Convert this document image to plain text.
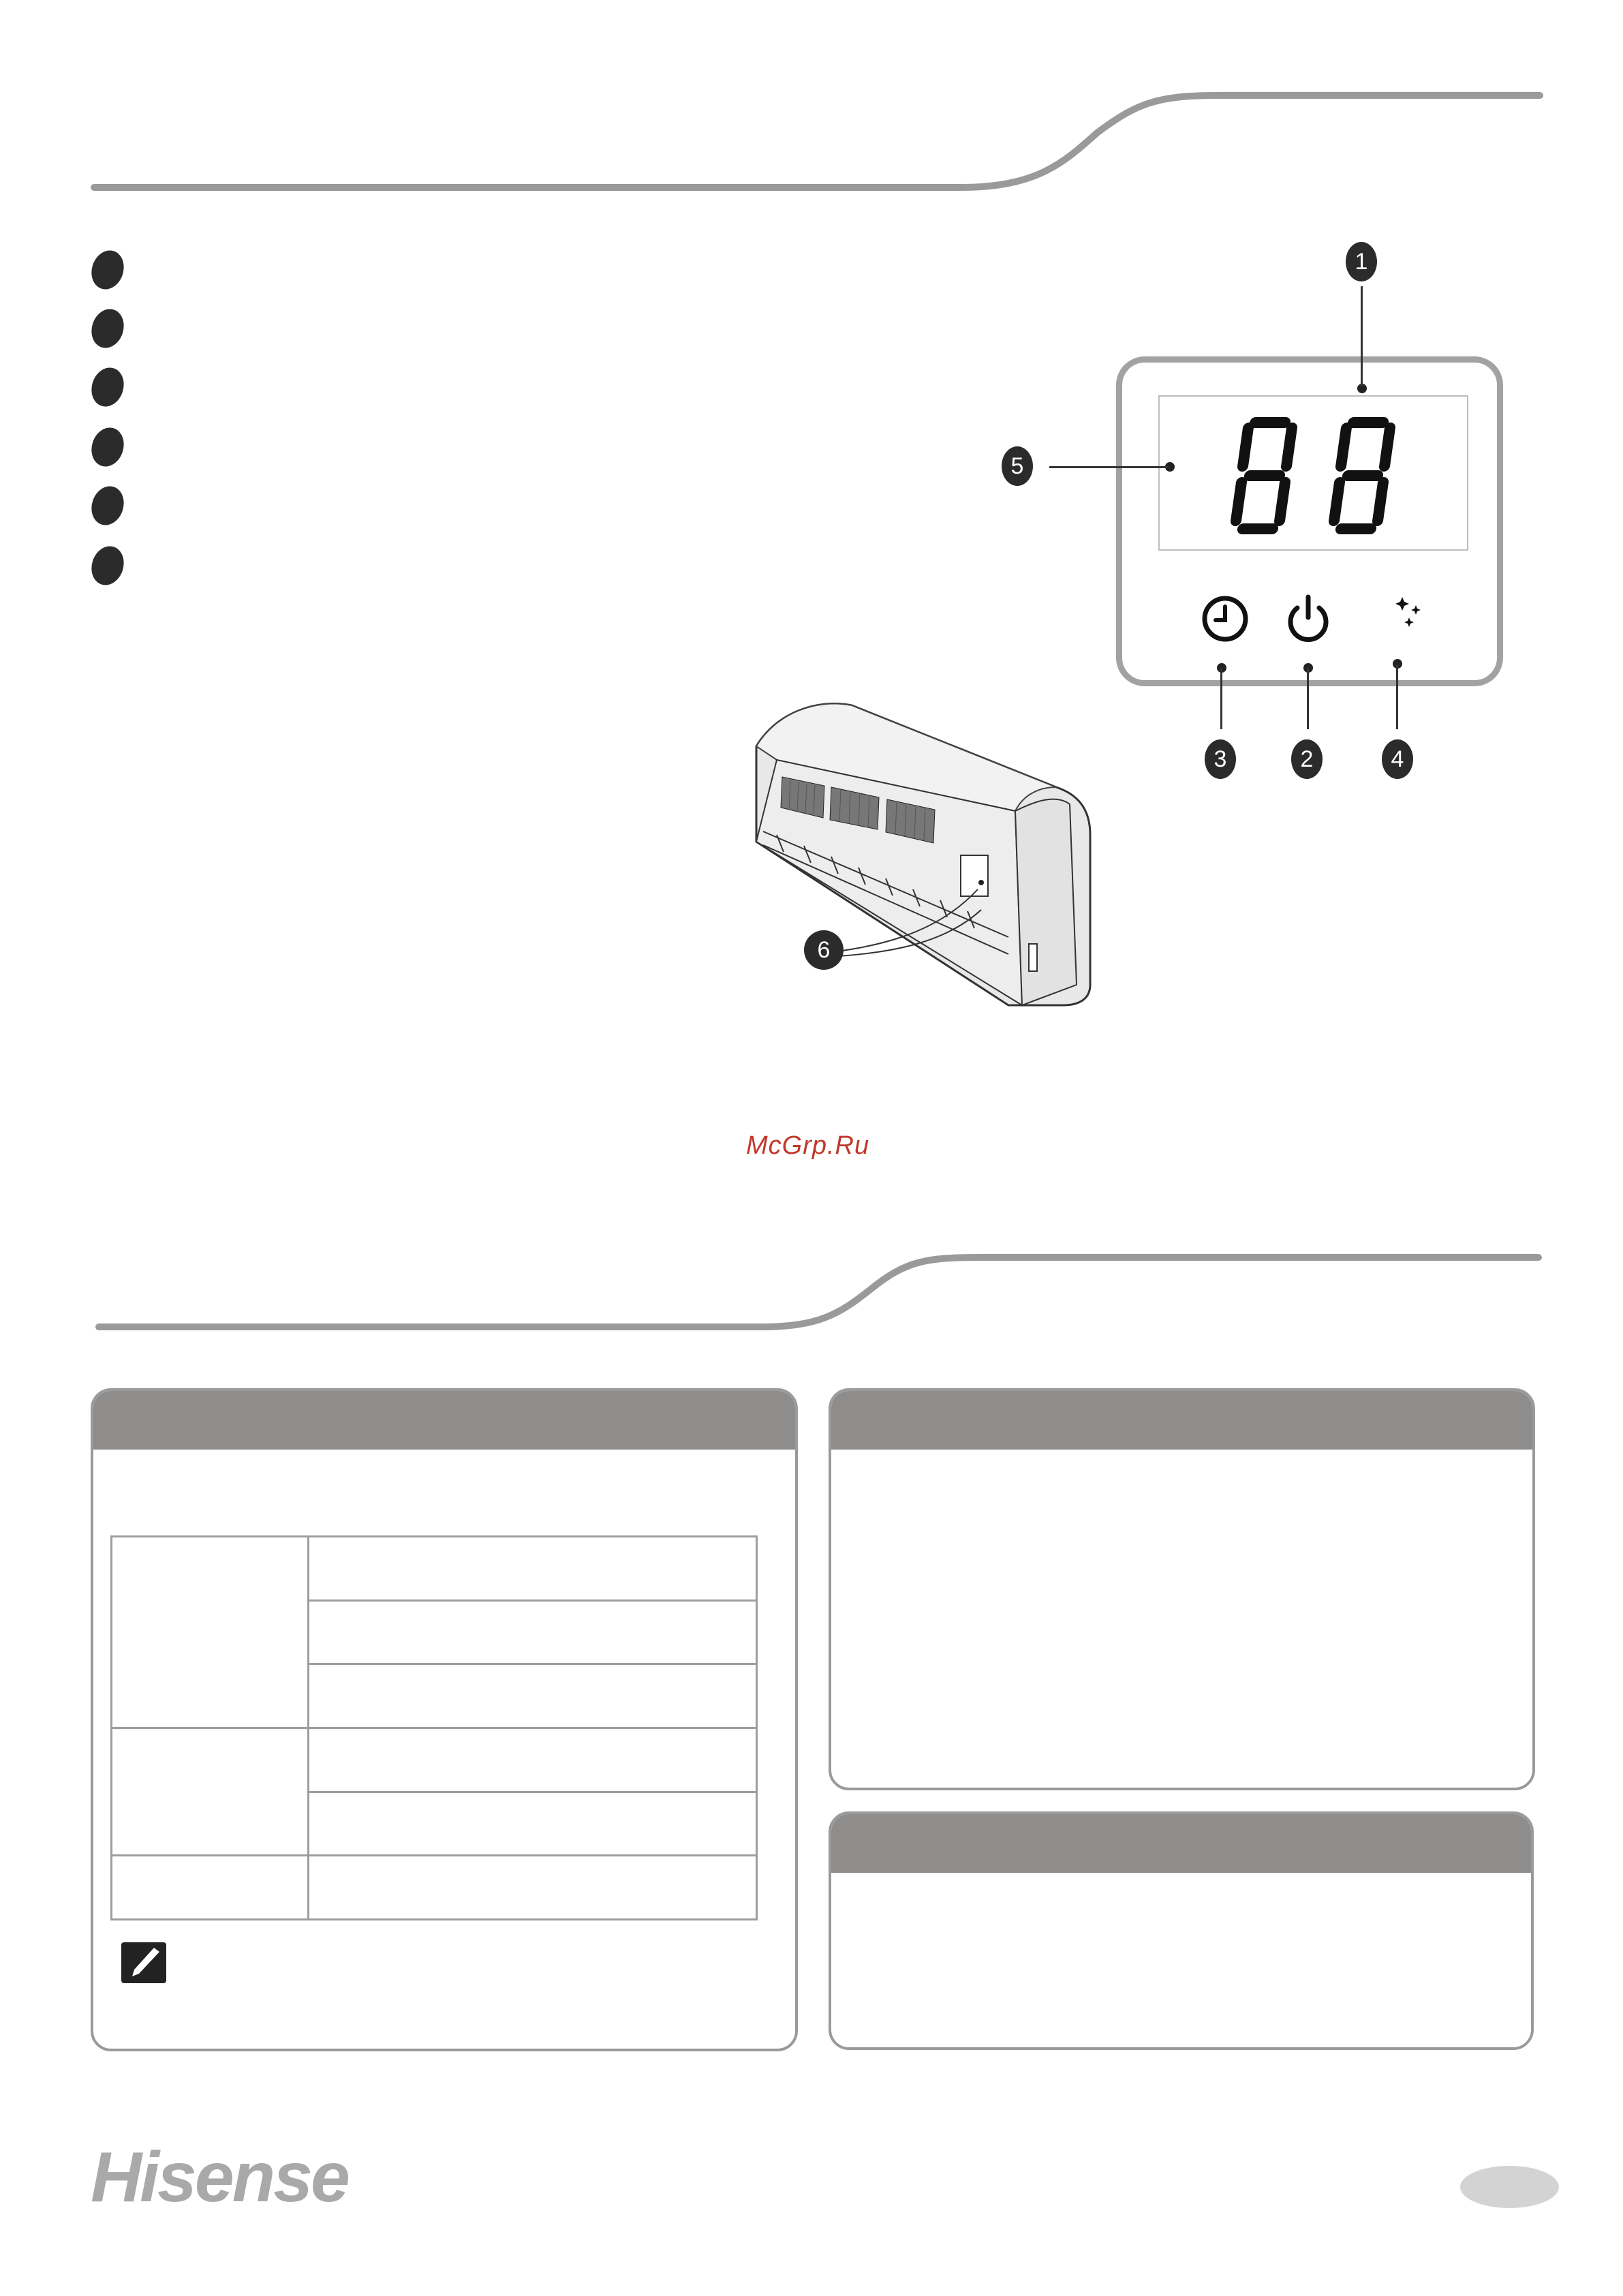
1
5
3	2	4
6
McGrp.Ru

Hisense
